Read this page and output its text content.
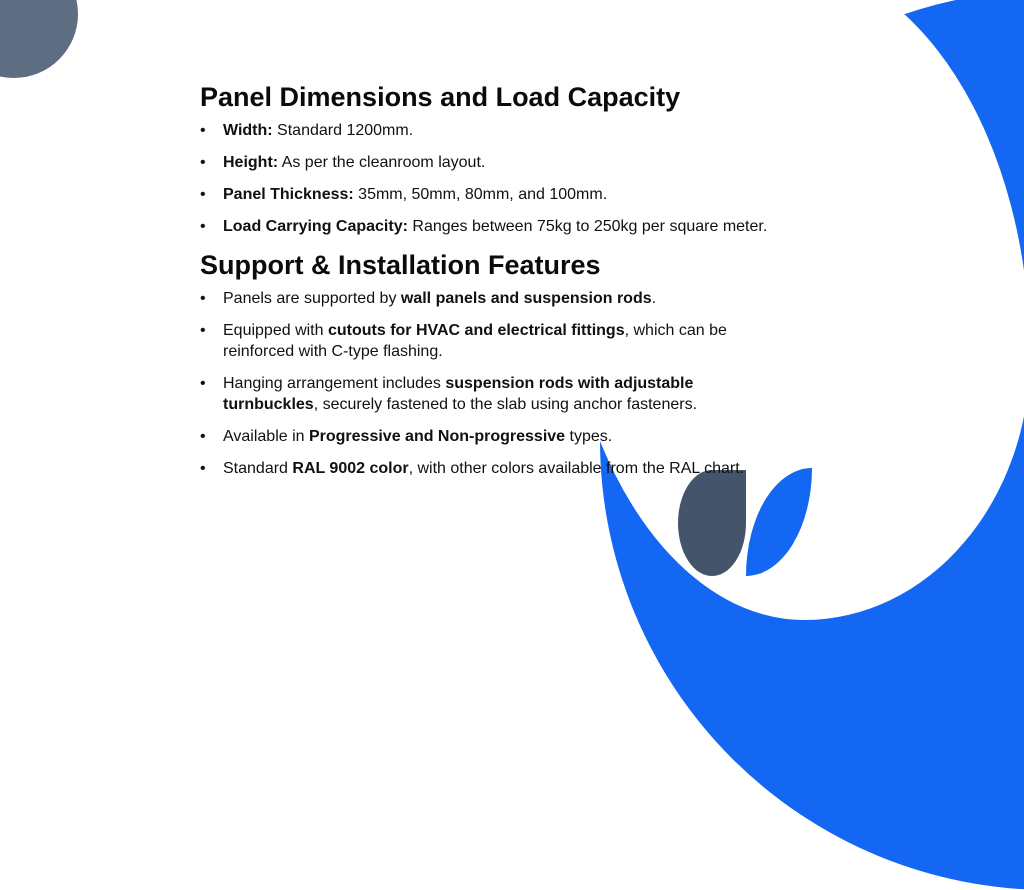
Panel Dimensions and Load Capacity
• Width: Standard 1200mm.
• Height: As per the cleanroom layout.
• Panel Thickness: 35mm, 50mm, 80mm, and 100mm.
• Load Carrying Capacity: Ranges between 75kg to 250kg per square meter.
Support & Installation Features
• Panels are supported by wall panels and suspension rods.
• Equipped with cutouts for HVAC and electrical fittings, which can be reinforced with C-type flashing.
• Hanging arrangement includes suspension rods with adjustable turnbuckles, securely fastened to the slab using anchor fasteners.
• Available in Progressive and Non-progressive types.
• Standard RAL 9002 color, with other colors available from the RAL chart.
